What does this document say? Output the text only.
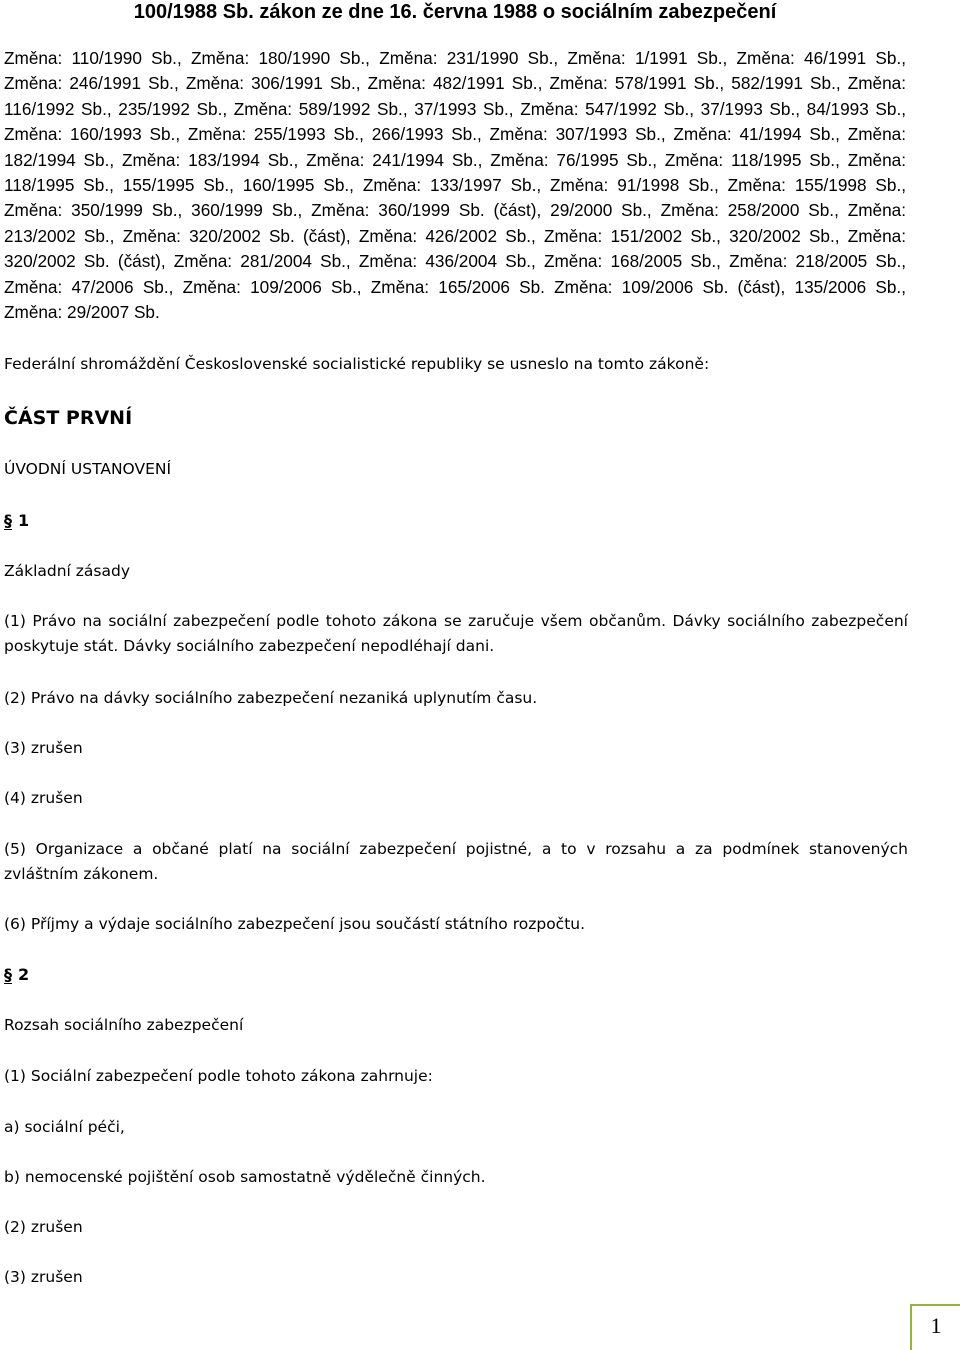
100/1988 Sb. zákon ze dne 16. června 1988 o sociálním zabezpečení
Změna: 110/1990 Sb., Změna: 180/1990 Sb., Změna: 231/1990 Sb., Změna: 1/1991 Sb., Změna: 46/1991 Sb., Změna: 246/1991 Sb., Změna: 306/1991 Sb., Změna: 482/1991 Sb., Změna: 578/1991 Sb., 582/1991 Sb., Změna: 116/1992 Sb., 235/1992 Sb., Změna: 589/1992 Sb., 37/1993 Sb., Změna: 547/1992 Sb., 37/1993 Sb., 84/1993 Sb., Změna: 160/1993 Sb., Změna: 255/1993 Sb., 266/1993 Sb., Změna: 307/1993 Sb., Změna: 41/1994 Sb., Změna: 182/1994 Sb., Změna: 183/1994 Sb., Změna: 241/1994 Sb., Změna: 76/1995 Sb., Změna: 118/1995 Sb., Změna: 118/1995 Sb., 155/1995 Sb., 160/1995 Sb., Změna: 133/1997 Sb., Změna: 91/1998 Sb., Změna: 155/1998 Sb., Změna: 350/1999 Sb., 360/1999 Sb., Změna: 360/1999 Sb. (část), 29/2000 Sb., Změna: 258/2000 Sb., Změna: 213/2002 Sb., Změna: 320/2002 Sb. (část), Změna: 426/2002 Sb., Změna: 151/2002 Sb., 320/2002 Sb., Změna: 320/2002 Sb. (část), Změna: 281/2004 Sb., Změna: 436/2004 Sb., Změna: 168/2005 Sb., Změna: 218/2005 Sb., Změna: 47/2006 Sb., Změna: 109/2006 Sb., Změna: 165/2006 Sb. Změna: 109/2006 Sb. (část), 135/2006 Sb., Změna: 29/2007 Sb.
Federální shromáždění Československé socialistické republiky se usneslo na tomto zákoně:
ČÁST PRVNÍ
ÚVODNÍ USTANOVENÍ
§ 1
Základní zásady
(1) Právo na sociální zabezpečení podle tohoto zákona se zaručuje všem občanům. Dávky sociálního zabezpečení poskytuje stát. Dávky sociálního zabezpečení nepodléhají dani.
(2) Právo na dávky sociálního zabezpečení nezaniká uplynutím času.
(3) zrušen
(4) zrušen
(5) Organizace a občané platí na sociální zabezpečení pojistné, a to v rozsahu a za podmínek stanovených zvláštním zákonem.
(6) Příjmy a výdaje sociálního zabezpečení jsou součástí státního rozpočtu.
§ 2
Rozsah sociálního zabezpečení
(1) Sociální zabezpečení podle tohoto zákona zahrnuje:
a) sociální péči,
b) nemocenské pojištění osob samostatně výdělečně činných.
(2) zrušen
(3) zrušen
1
